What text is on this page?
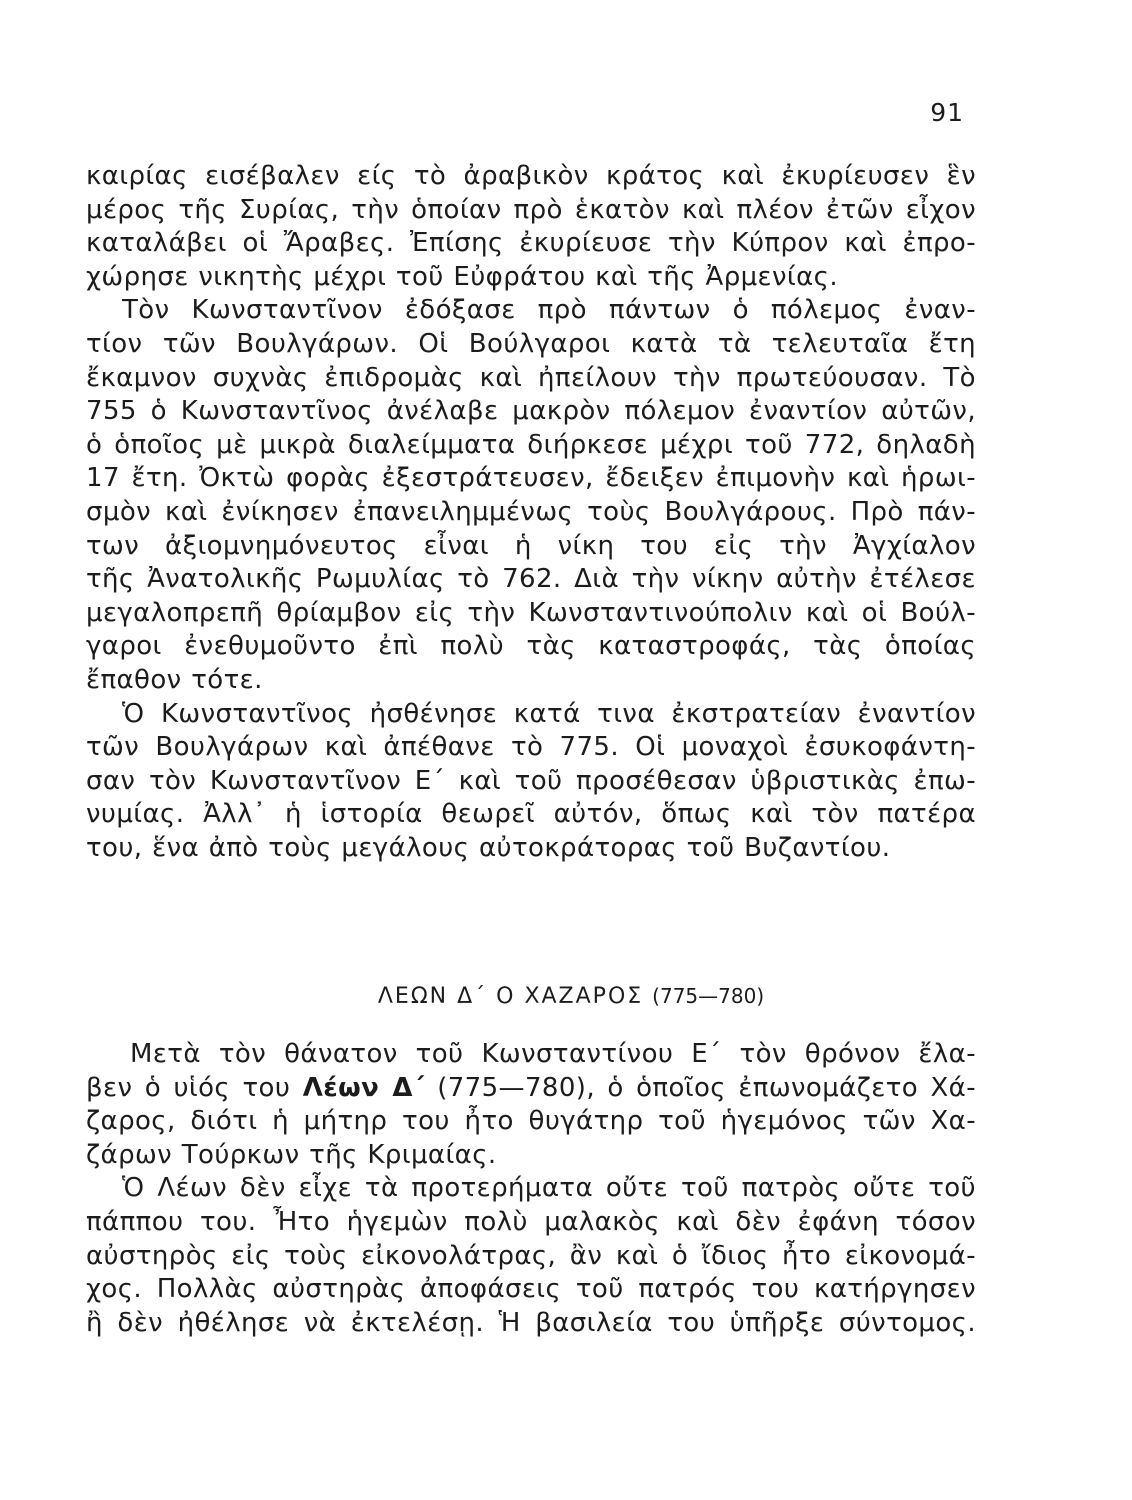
91
καιρίας εισέβαλεν είς τὸ ἀραβικὸν κράτος καὶ ἐκυρίευσεν ἓν
μέρος τῆς Συρίας, τὴν ὁποίαν πρὸ ἑκατὸν καὶ πλέον ἐτῶν εἶχον
καταλάβει οἱ Ἄραβες. Ἐπίσης ἐκυρίευσε τὴν Κύπρον καὶ ἐπρο-
χώρησε νικητὴς μέχρι τοῦ Εὐφράτου καὶ τῆς Ἀρμενίας.
Τὸν Κωνσταντῖνον ἐδόξασε πρὸ πάντων ὁ πόλεμος ἐναν-
τίον τῶν Βουλγάρων. Οἱ Βούλγαροι κατὰ τὰ τελευταῖα ἔτη
ἔκαμνον συχνὰς ἐπιδρομὰς καὶ ἠπείλουν τὴν πρωτεύουσαν. Τὸ
755 ὁ Κωνσταντῖνος ἀνέλαβε μακρὸν πόλεμον ἐναντίον αὐτῶν,
ὁ ὁποῖος μὲ μικρὰ διαλείμματα διήρκεσε μέχρι τοῦ 772, δηλαδὴ
17 ἔτη. Ὀκτὼ φορὰς ἐξεστράτευσεν, ἔδειξεν ἐπιμονὴν καὶ ἡρωι-
σμὸν καὶ ἐνίκησεν ἐπανειλημμένως τοὺς Βουλγάρους. Πρὸ πάν-
των ἀξιομνημόνευτος εἶναι ἡ νίκη του εἰς τὴν Ἀγχίαλον
τῆς Ἀνατολικῆς Ρωμυλίας τὸ 762. Διὰ τὴν νίκην αὐτὴν ἐτέλεσε
μεγαλοπρεπῆ θρίαμβον εἰς τὴν Κωνσταντινούπολιν καὶ οἱ Βούλ-
γαροι ἐνεθυμοῦντο ἐπὶ πολὺ τὰς καταστροφάς, τὰς ὁποίας
ἔπαθον τότε.
Ὁ Κωνσταντῖνος ἠσθένησε κατά τινα ἐκστρατείαν ἐναντίον
τῶν Βουλγάρων καὶ ἀπέθανε τὸ 775. Οἱ μοναχοὶ ἐσυκοφάντη-
σαν τὸν Κωνσταντῖνον Ε΄ καὶ τοῦ προσέθεσαν ὑβριστικὰς ἐπω-
νυμίας. Ἀλλ᾽ ἡ ἱστορία θεωρεῖ αὐτόν, ὅπως καὶ τὸν πατέρα
του, ἕνα ἀπὸ τοὺς μεγάλους αὐτοκράτορας τοῦ Βυζαντίου.
ΛΕΩΝ Δ΄ Ο ΧΑΖΑΡΟΣ (775—780)
Μετὰ τὸν θάνατον τοῦ Κωνσταντίνου Ε΄ τὸν θρόνον ἔλα-
βεν ὁ υἱός του Λέων Δ΄ (775—780), ὁ ὁποῖος ἐπωνομάζετο Χά-
ζαρος, διότι ἡ μήτηρ του ἦτο θυγάτηρ τοῦ ἡγεμόνος τῶν Χα-
ζάρων Τούρκων τῆς Κριμαίας.
Ὁ Λέων δὲν εἶχε τὰ προτερήματα οὔτε τοῦ πατρὸς οὔτε τοῦ
πάππου του. Ἦτο ἡγεμὼν πολὺ μαλακὸς καὶ δὲν ἐφάνη τόσον
αὐστηρὸς εἰς τοὺς εἰκονολάτρας, ἂν καὶ ὁ ἴδιος ἦτο εἰκονομά-
χος. Πολλὰς αὐστηρὰς ἀποφάσεις τοῦ πατρός του κατήργησεν
ἢ δὲν ἠθέλησε νὰ ἐκτελέσῃ. Ἡ βασιλεία του ὑπῆρξε σύντομος.
